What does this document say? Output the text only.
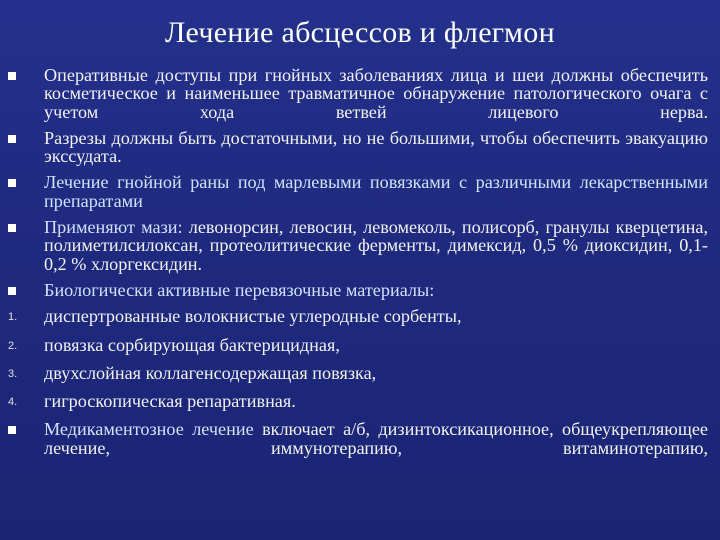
Лечение абсцессов и флегмон
Оперативные доступы при гнойных заболеваниях лица и шеи должны обеспечить косметическое и наименьшее травматичное обнаружение патологического очага с учетом хода ветвей лицевого нерва.
Разрезы должны быть достаточными, но не большими, чтобы обеспечить эвакуацию экссудата.
Лечение гнойной раны под марлевыми повязками с различными лекарственными препаратами
Применяют мази: левонорсин, левосин, левомеколь, полисорб, гранулы кверцетина, полиметилсилоксан, протеолитические ферменты, димексид, 0,5 % диоксидин, 0,1-0,2 % хлоргексидин.
Биологически активные перевязочные материалы:
1. диспертрованные волокнистые углеродные сорбенты,
2. повязка сорбирующая бактерицидная,
3. двухслойная коллагенсодержащая повязка,
4. гигроскопическая репаративная.
Медикаментозное лечение включает а/б, дизинтоксикационное, общеукрепляющее лечение, иммунотерапию, витаминотерапию,
